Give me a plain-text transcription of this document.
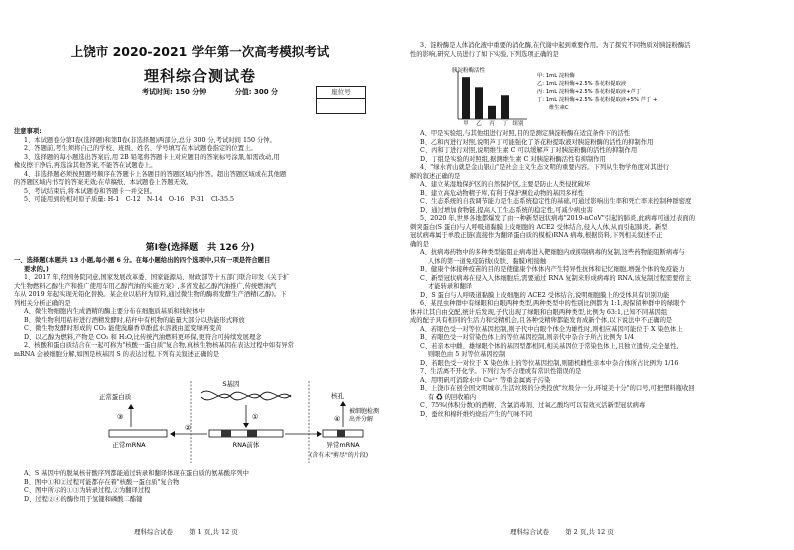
上饶市 2020-2021 学年第一次高考模拟考试
理科综合测试卷
考试时间: 150 分钟	分值: 300 分	座位号

注意事项:

1、本试题卷分第Ⅰ卷(选择题)和第Ⅱ卷(非选择题)两部分,总分 300 分,考试时间 150 分钟。

2、答题前,考生须将自己的学校、班级、姓名、学号填写在本试题卷指定的位置上。

3、选择题的每小题选出答案后,用 2B 铅笔将答题卡上对应题目的答案标号涂黑,如需改动,用

橡皮擦干净后,再选涂其他答案,不能答在试题卷上。

4、非选择题必须按照题号顺序在答题卡上各题目的答题区域内作答。超出答题区域或在其他题

的答题区域内书写的答案无效;在草稿纸、本试题卷上答题无效。

5、考试结束后,将本试题卷和答题卡一并交回。

5、可能用到的相对原子质量: H-1　C-12　N-14　O-16　P-31　Cl-35.5

第Ⅰ卷(选择题　共 126 分)

一、选择题(本题共 13 小题,每小题 6 分。在每小题给出的四个选项中,只有一项是符合题目

要求的。)

1、2017 年,经国务院同意,国家发展改革委、国家能源局、财政部等十五部门联合印发《关于扩

大生物燃料乙醇生产和推广使用车用乙醇汽油的实施方案》,多省发起乙醇汽油推广,传统燃油汽

车从 2019 年起实现无铅化替换。某企业以秸秆为原料,通过微生物的酶将发酵生产酒精(乙醇)。下

列相关分析正确的是

A、微生物细胞内生成酒精的酶主要分布在细胞质基质和线粒体中

B、微生物利用秸秆进行酒精发酵时,秸秆中有机物的能量大部分以热能形式释放

C、微生物发酵时形成的 CO₂ 能使溴麝香草酚蓝水溶液由蓝变绿再变黄

D、以乙醇为燃料,产物是 CO₂ 和 H₂O,比传统汽油燃料更环保,更符合可持续发展理念

2、核酸和蛋白质结合在一起可称为"核酸一蛋白质"复合物,真核生物核基因在表达过程中如有异常

mRNA 会被细胞分解,如图是核基因 S 的表达过程,下列有关叙述正确的是

S基因
①
RNA前体
②
正常mRNA
③
正常蛋白质
异常mRNA
(含有未"剪尽"的片段)
核孔
④
被细胞检测
出并分解

A、S 基因中的脱氧核苷酸序列都能通过转录和翻译体现在蛋白质的氨基酸序列中

B、图中①和②过程可能都存在着"核酸一蛋白质"复合物

C、图中所示的①③为转录过程,②为翻译过程

D、过程②④的酶作用于氢键和磷酸二酯键

理科综合试卷 第 1 页,共 12 页

3、淀粉酶是人体消化液中重要的消化酶,在代谢中起到重要作用。为了探究不同物质对胰淀粉酶活

性的影响,研究人员进行了如下实验,下列选项正确的是

胰淀粉酶活性
甲 乙 丙 丁 组别
甲: 1mL 淀粉酶
乙: 1mL 淀粉酶+2.5% 茶花粉提取液
丙: 1mL 淀粉酶+2.5% 茶花粉提取液+芦丁
丁: 1mL 淀粉酶+2.5% 茶花粉提取液+5% 芦丁 +
维生素C

A、甲是实验组,与其他组进行对照,目的是测定胰淀粉酶在适宜条件下的活性

B、乙和丙进行对照,说明芦丁可能强化了茶花粉提取液对胰淀粉酶的活性的抑制作用

C、丙和丁进行对照,说明维生素 C 可以缓解芦丁对胰淀粉酶的活性的抑制作用

D、丁组是实验的对照组,据测维生素 C 对胰淀粉酶活性有抑制作用

4、"绿水青山就是金山银山"是社会主义生态文明的重要内容。下列从生物学角度对其进行

解的叙述正确的是

A、建立某湿地保护区的自然保护区,主要是防止人类侵扰破坏

B、建立高危动物精子库,有利于保护濒危动物的基因多样性

C、生态系统的自我调节能力是生态系统稳定性的基础,可通过影响出生率和死亡率来控制种群密度

D、通过增加食物链,提高人工生态系统的稳定性,可减少病虫害

5、2020 年,世界各地都爆发了由一种新型冠状病毒"2019-nCoV"引起的肺炎,此病毒可通过表面的

刺突蛋白(S 蛋白)与人呼吸道黏膜上皮细胞的 ACE2 受体结合,侵入人体,从而引起肺炎。新型

冠状病毒属于单股正链(直接作为翻译蛋白质的模板)RNA 病毒,根据资料,下列相关叙述不正

确的是

A、抗病毒药物中的多种类型能阻止病毒进入靶细胞内或抑制病毒的复制,这些药物能阻断病毒与

人体的第一道免疫防线(皮肤、黏膜)相接触

B、健康个体接种疫苗的目的是使健康个体体内产生特异性抗体和记忆细胞,增强个体的免疫能力

C、新型冠状病毒在侵入人体细胞后,需要通过 RNA 复制来形成病毒的 RNA,该复制过程需要宿主

才能转录和翻译

D、S 蛋白与人呼吸道黏膜上皮细胞的 ACE2 受体结合,说明细胞膜上的受体具有识别功能

6、某昆虫种群中有绿眼和白眼两种类型,两种类型中的性别比例都为 1:1,现保留种群中的绿眼个

体并让其自由交配,统计后发现,子代出现了绿眼和白眼两种类型,比例为 63:1,已知不同基因组

成的配子具有相同的生活力和受精机会,且各种受精卵都能发育成新个体,以下说法中不正确的是

A、若眼色受一对等位基因控制,则子代中白眼个体全为雄性时,则相应基因可能位于 X 染色体上

B、若眼色受一对常染色体上的等位基因控制,则亲代中杂合子所占比例为 1/4

C、若亲本中雌、雄绿眼个体的基因型都相同,相关基因位于常染色体上,且独立遗传,完全显性,

则眼色由 5 对等位基因控制

D、若眼色受一对位于 X 染色体上的等位基因控制,则随机雌性亲本中杂合体所占比例为 1/16

7、生活离不开化学。下列行为不合理或有常识性错误的是

A、用明矾可消除水中 Cu²⁺ 等重金属离子污染

B、上饶市在创全国文明城市,生活垃圾的分类投放"垃圾分一分,环境美十分"的口号,可把塑料瓶收回

有 ♻ 的回收箱内

C、75%(体积分数)的酒精、含氯消毒剂、过氧乙酸均可以有效灭活新型冠状病毒

D、蚕丝和棉纤维灼烧后产生的气味不同

理科综合试卷 第 2 页,共 12 页
